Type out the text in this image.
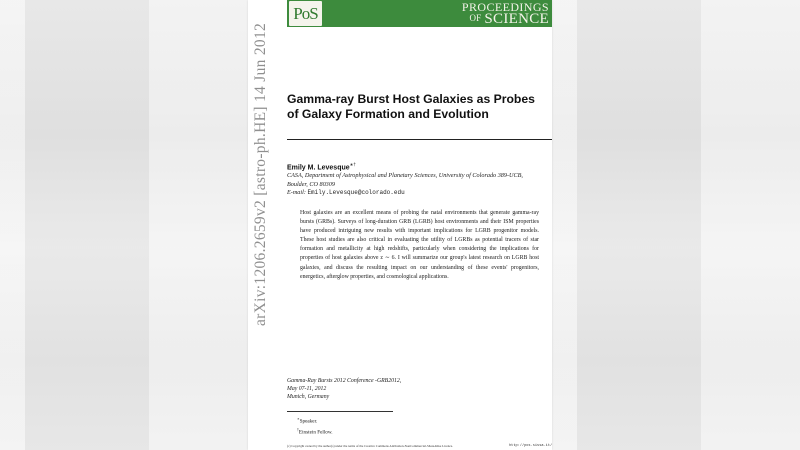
arXiv:1206.2659v2 [astro-ph.HE] 14 Jun 2012
PoS	PROCEEDINGS
OF SCIENCE
Gamma-ray Burst Host Galaxies as Probes of Galaxy Formation and Evolution
Emily M. Levesque∗†
CASA, Department of Astrophysical and Planetary Sciences, University of Colorado 389-UCB, Boulder, CO 80309
E-mail: Emily.Levesque@colorado.edu
Host galaxies are an excellent means of probing the natal environments that generate gamma-ray bursts (GRBs). Surveys of long-duration GRB (LGRB) host environments and their ISM properties have produced intriguing new results with important implications for LGRB progenitor models. These host studies are also critical in evaluating the utility of LGRBs as potential tracers of star formation and metallicity at high redshifts, particularly when considering the implications for properties of host galaxies above z ∼ 6. I will summarize our group's latest research on LGRB host galaxies, and discuss the resulting impact on our understanding of these events' progenitors, energetics, afterglow properties, and cosmological applications.
Gamma-Ray Bursts 2012 Conference -GRB2012,
May 07-11, 2012
Munich, Germany
∗Speaker.
†Einstein Fellow.
(c) Copyright owned by the author(s) under the terms of the Creative Commons Attribution-NonCommercial-ShareAlike Licence.	http://pos.sissa.it/
